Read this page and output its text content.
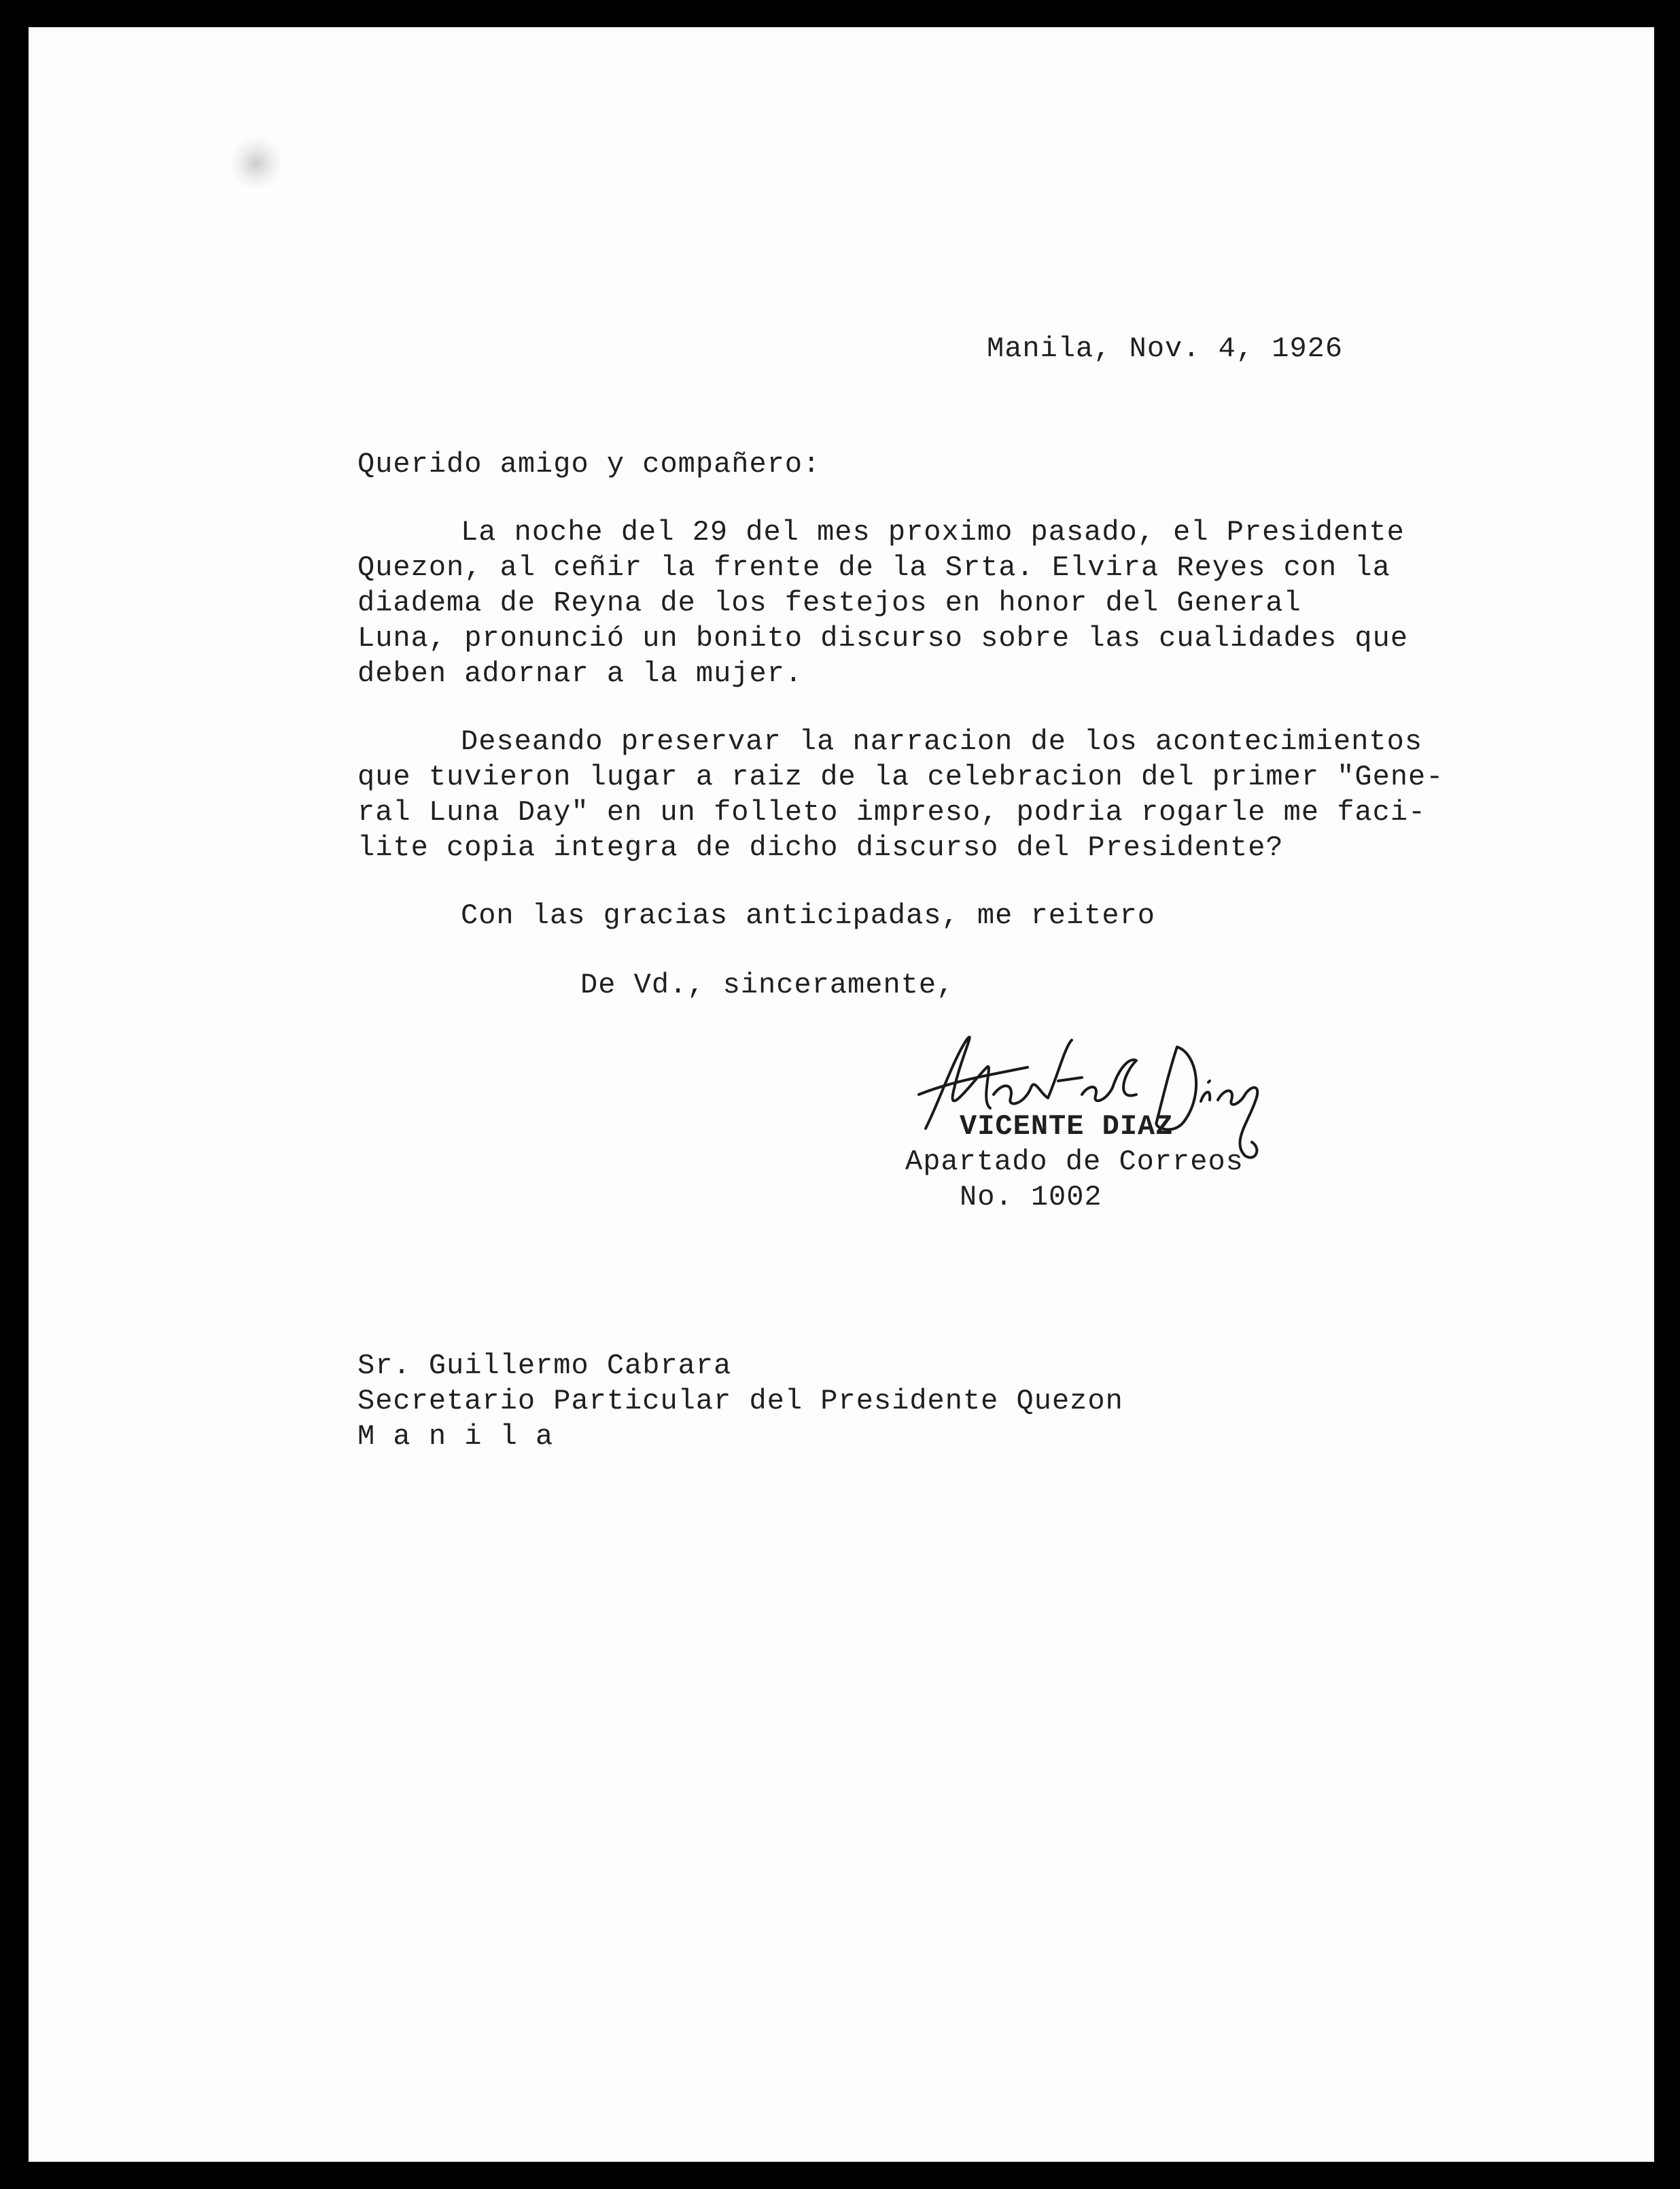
Manila, Nov. 4, 1926
Querido amigo y compañero:
La noche del 29 del mes proximo pasado, el Presidente
Quezon, al ceñir la frente de la Srta. Elvira Reyes con la
diadema de Reyna de los festejos en honor del General
Luna, pronunció un bonito discurso sobre las cualidades que
deben adornar a la mujer.
Deseando preservar la narracion de los acontecimientos
que tuvieron lugar a raiz de la celebracion del primer "Gene-
ral Luna Day" en un folleto impreso, podria rogarle me faci-
lite copia integra de dicho discurso del Presidente?
Con las gracias anticipadas, me reitero
De Vd., sinceramente,
VICENTE DIAZ
Apartado de Correos
No. 1002
Sr. Guillermo Cabrara
Secretario Particular del Presidente Quezon
M a n i l a
